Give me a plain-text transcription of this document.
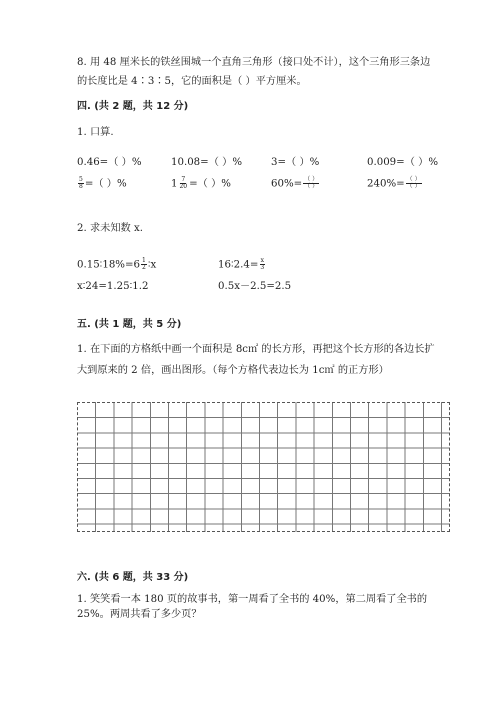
8. 用 48 厘米长的铁丝围城一个直角三角形（接口处不计），这个三角形三条边
的长度比是 4∶3∶5，它的面积是（ ）平方厘米。
四. (共 2 题，共 12 分)
1. 口算.
0.46=（ ）%	10.08=（ ）%	3=（ ）%	0.009=（ ）%
$\frac{5}{8}$ =（ ）%	$1 \frac{7}{20}$ =（ ）%	$60\%= \frac{( )}{( )}$	$240\%= \frac{( )}{( )}$
2. 求未知数 x.
0.15∶18%=6 $\frac{1}{2}$ ∶x	16∶2.4= $\frac{x}{3}$
x∶24=1.25∶1.2	0.5x－2.5=2.5
五. (共 1 题，共 5 分)
1. 在下面的方格纸中画一个面积是 8c㎡ 的长方形，再把这个长方形的各边长扩
大到原来的 2 倍，画出图形。（每个方格代表边长为 1c㎡ 的正方形）
六. (共 6 题，共 33 分)
1. 笑笑看一本 180 页的故事书，第一周看了全书的 40%，第二周看了全书的
25%。两周共看了多少页？
